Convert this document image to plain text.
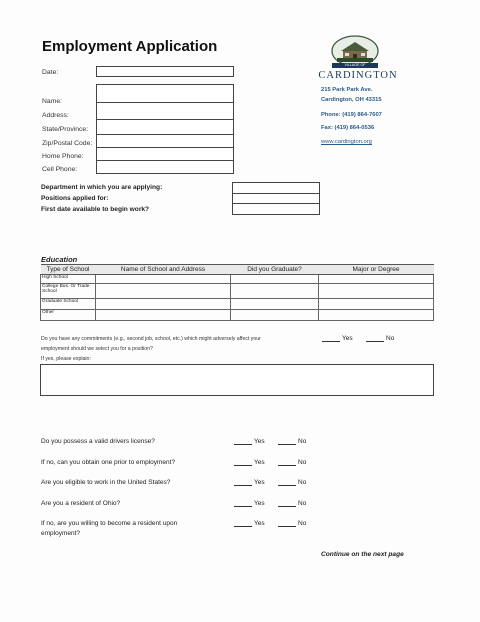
Employment Application
Date:
Name:
Address:
State/Province:
Zip/Postal Code:
Home Phone:
Cell Phone:
VILLAGE OF
CARDINGTON
215 Park Park Ave.
Cardington, OH 43315
Phone: (419) 864-7607
Fax: (419) 864-0536
www.cardington.org
Department in which you are applying:
Positions applied for:
First date available to begin work?
Education
Type of School	Name of School and Address	Did you Graduate?	Major or Degree
High School			
College Bus. Or Trade School			
Graduate School			
Other			
Do you have any commitments (e.g., second job, school, etc.) which might adversely affect your
employment should we select you for a position?
If yes, please explain:
Yes	No
Do you possess a valid drivers license?	Yes	No
If no, can you obtain one prior to employment?	Yes	No
Are you eligible to work in the United States?	Yes	No
Are you a resident of Ohio?	Yes	No
If no, are you willing to become a resident upon
employment?
Yes	No
Continue on the next page
